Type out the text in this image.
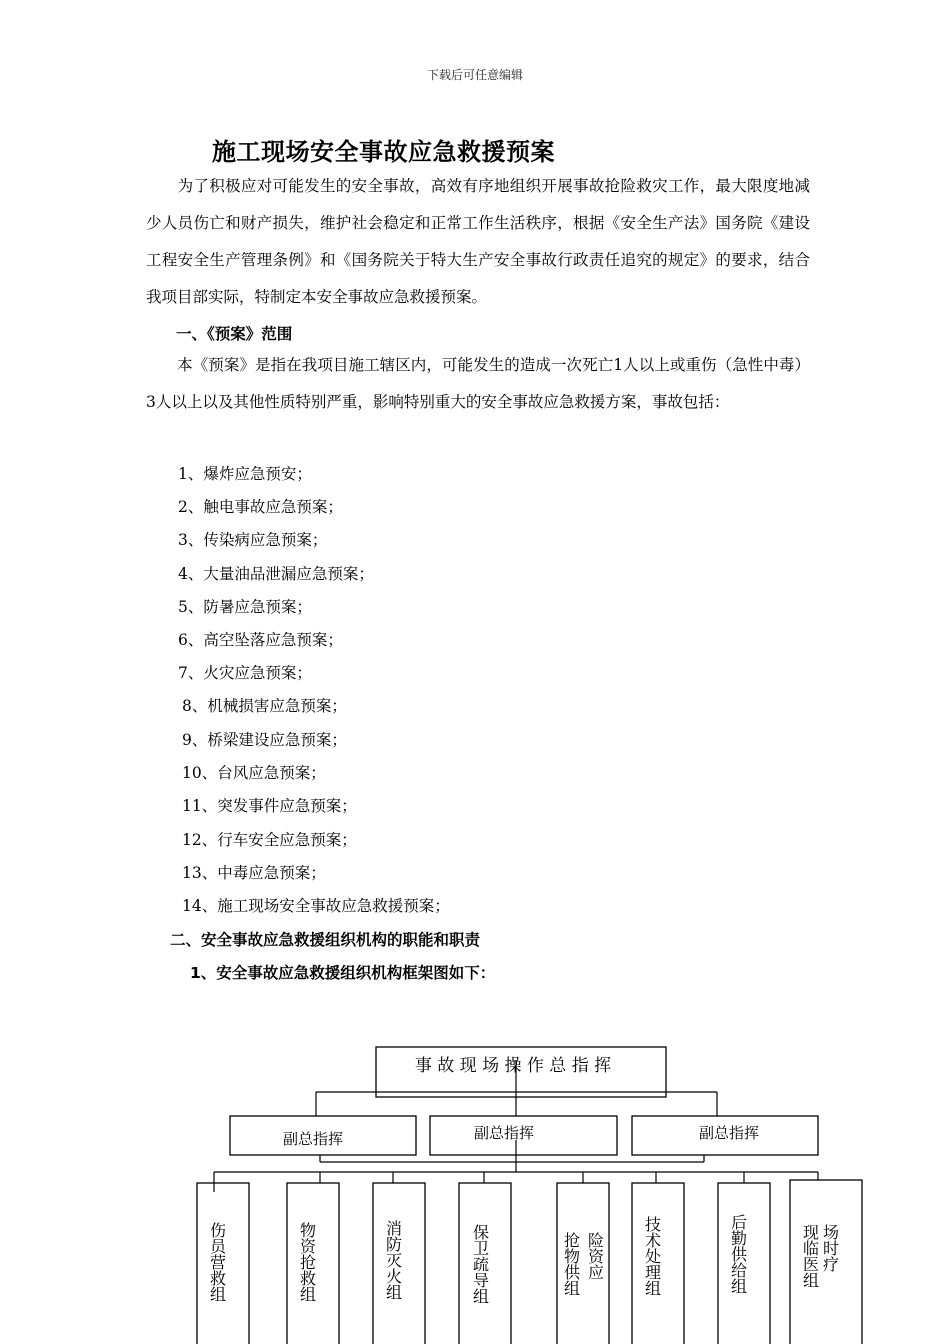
下载后可任意编辑
施工现场安全事故应急救援预案
　　为了积极应对可能发生的安全事故，高效有序地组织开展事故抢险救灾工作，最大限度地减少人员伤亡和财产损失，维护社会稳定和正常工作生活秩序，根据《安全生产法》国务院《建设工程安全生产管理条例》和《国务院关于特大生产安全事故行政责任追究的规定》的要求，结合我项目部实际，特制定本安全事故应急救援预案。
一、《预案》范围
　　本《预案》是指在我项目施工辖区内，可能发生的造成一次死亡1人以上或重伤（急性中毒）3人以上以及其他性质特别严重，影响特别重大的安全事故应急救援方案，事故包括：
1、爆炸应急预安；
2、触电事故应急预案；
3、传染病应急预案；
4、大量油品泄漏应急预案；
5、防暑应急预案；
6、高空坠落应急预案；
7、火灾应急预案；
8、机械损害应急预案；
9、桥梁建设应急预案；
10、台风应急预案；
11、突发事件应急预案；
12、行车安全应急预案；
13、中毒应急预案；
14、施工现场安全事故应急救援预案；
二、安全事故应急救援组织机构的职能和职责
1、安全事故应急救援组织机构框架图如下：
事 故 现 场 操 作 总 指 挥
副总指挥	副总指挥	副总指挥
伤员营救组	物资抢救组	消防灭火组	保卫疏导组	抢物供组 险资应 技术处理组	后勤供给组	现临医组 场时疗
